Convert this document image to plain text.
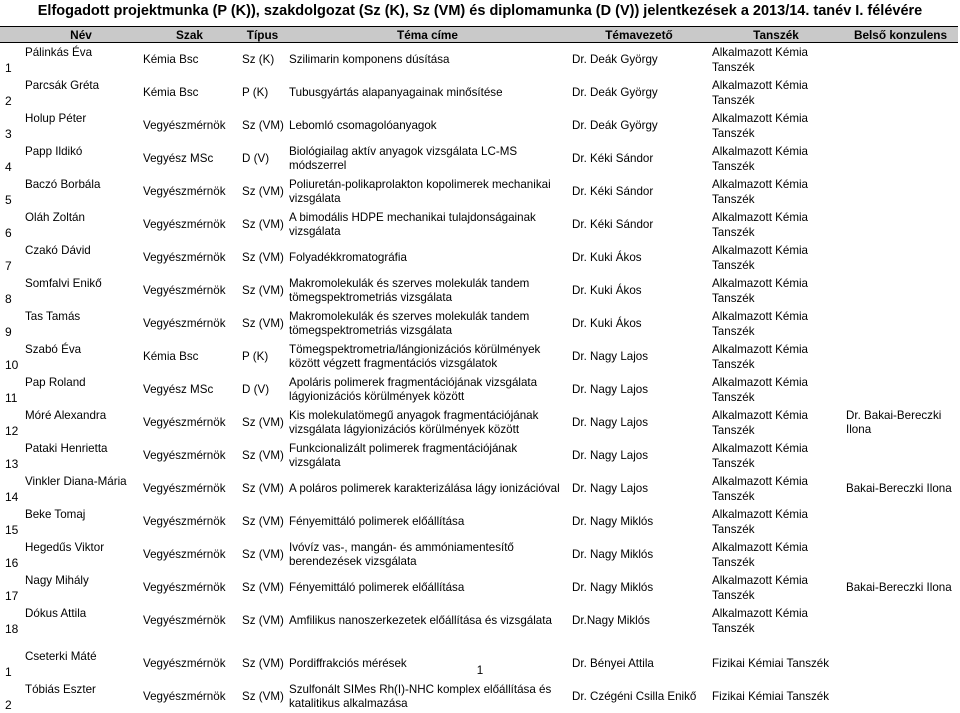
Elfogadott projektmunka (P (K)), szakdolgozat (Sz (K), Sz (VM) és diplomamunka (D (V)) jelentkezések a 2013/14. tanév I. félévére
	Név	Szak	Típus	Téma címe	Témavezető	Tanszék	Belső konzulens

1	Pálinkás Éva	Kémia Bsc	Sz (K)	Szilimarin komponens dúsítása	Dr. Deák György	Alkalmazott Kémia Tanszék	

2	Parcsák Gréta	Kémia Bsc	P (K)	Tubusgyártás alapanyagainak minősítése	Dr. Deák György	Alkalmazott Kémia Tanszék	

3	Holup Péter	Vegyészmérnök	Sz (VM)	Lebomló csomagolóanyagok	Dr. Deák György	Alkalmazott Kémia Tanszék	

4	Papp Ildikó	Vegyész MSc	D (V)	Biológiailag aktív anyagok vizsgálata LC-MS módszerrel	Dr. Kéki Sándor	Alkalmazott Kémia Tanszék	

5	Baczó Borbála	Vegyészmérnök	Sz (VM)	Poliuretán-polikaprolakton kopolimerek mechanikai vizsgálata	Dr. Kéki Sándor	Alkalmazott Kémia Tanszék	

6	Oláh Zoltán	Vegyészmérnök	Sz (VM)	A bimodális HDPE mechanikai tulajdonságainak vizsgálata	Dr. Kéki Sándor	Alkalmazott Kémia Tanszék	

7	Czakó Dávid	Vegyészmérnök	Sz (VM)	Folyadékkromatográfia	Dr. Kuki Ákos	Alkalmazott Kémia Tanszék	

8	Somfalvi Enikő	Vegyészmérnök	Sz (VM)	Makromolekulák és szerves molekulák tandem tömegspektrometriás vizsgálata	Dr. Kuki Ákos	Alkalmazott Kémia Tanszék	

9	Tas Tamás	Vegyészmérnök	Sz (VM)	Makromolekulák és szerves molekulák tandem tömegspektrometriás vizsgálata	Dr. Kuki Ákos	Alkalmazott Kémia Tanszék	

10	Szabó Éva	Kémia Bsc	P (K)	Tömegspektrometria/lángionizációs körülmények között végzett fragmentációs vizsgálatok	Dr. Nagy Lajos	Alkalmazott Kémia Tanszék	

11	Pap Roland	Vegyész MSc	D (V)	Apoláris polimerek fragmentációjának vizsgálata lágyionizációs körülmények között	Dr. Nagy Lajos	Alkalmazott Kémia Tanszék	

12	Móré Alexandra	Vegyészmérnök	Sz (VM)	Kis molekulatömegű anyagok fragmentációjának vizsgálata lágyionizációs körülmények között	Dr. Nagy Lajos	Alkalmazott Kémia Tanszék	Dr. Bakai-Bereczki Ilona

13	Pataki Henrietta	Vegyészmérnök	Sz (VM)	Funkcionalizált polimerek fragmentációjának vizsgálata	Dr. Nagy Lajos	Alkalmazott Kémia Tanszék	

14	Vinkler Diana-Mária	Vegyészmérnök	Sz (VM)	A poláros polimerek karakterizálása lágy ionizációval	Dr. Nagy Lajos	Alkalmazott Kémia Tanszék	Bakai-Bereczki Ilona

15	Beke Tomaj	Vegyészmérnök	Sz (VM)	Fényemittáló polimerek előállítása	Dr. Nagy Miklós	Alkalmazott Kémia Tanszék	

16	Hegedűs Viktor	Vegyészmérnök	Sz (VM)	Ivóvíz vas-, mangán- és ammóniamentesítő berendezések vizsgálata	Dr. Nagy Miklós	Alkalmazott Kémia Tanszék	

17	Nagy Mihály	Vegyészmérnök	Sz (VM)	Fényemittáló polimerek előállítása	Dr. Nagy Miklós	Alkalmazott Kémia Tanszék	Bakai-Bereczki Ilona

18	Dókus Attila	Vegyészmérnök	Sz (VM)	Amfilikus nanoszerkezetek előállítása és vizsgálata	Dr.Nagy Miklós	Alkalmazott Kémia Tanszék	

1	Cseterki Máté	Vegyészmérnök	Sz (VM)	Pordiffrakciós mérések	Dr. Bényei Attila	Fizikai Kémiai Tanszék	

2	Tóbiás Eszter	Vegyészmérnök	Sz (VM)	Szulfonált SIMes Rh(I)-NHC komplex előállítása és katalitikus alkalmazása	Dr. Czégéni Csilla Enikő	Fizikai Kémiai Tanszék	
1
